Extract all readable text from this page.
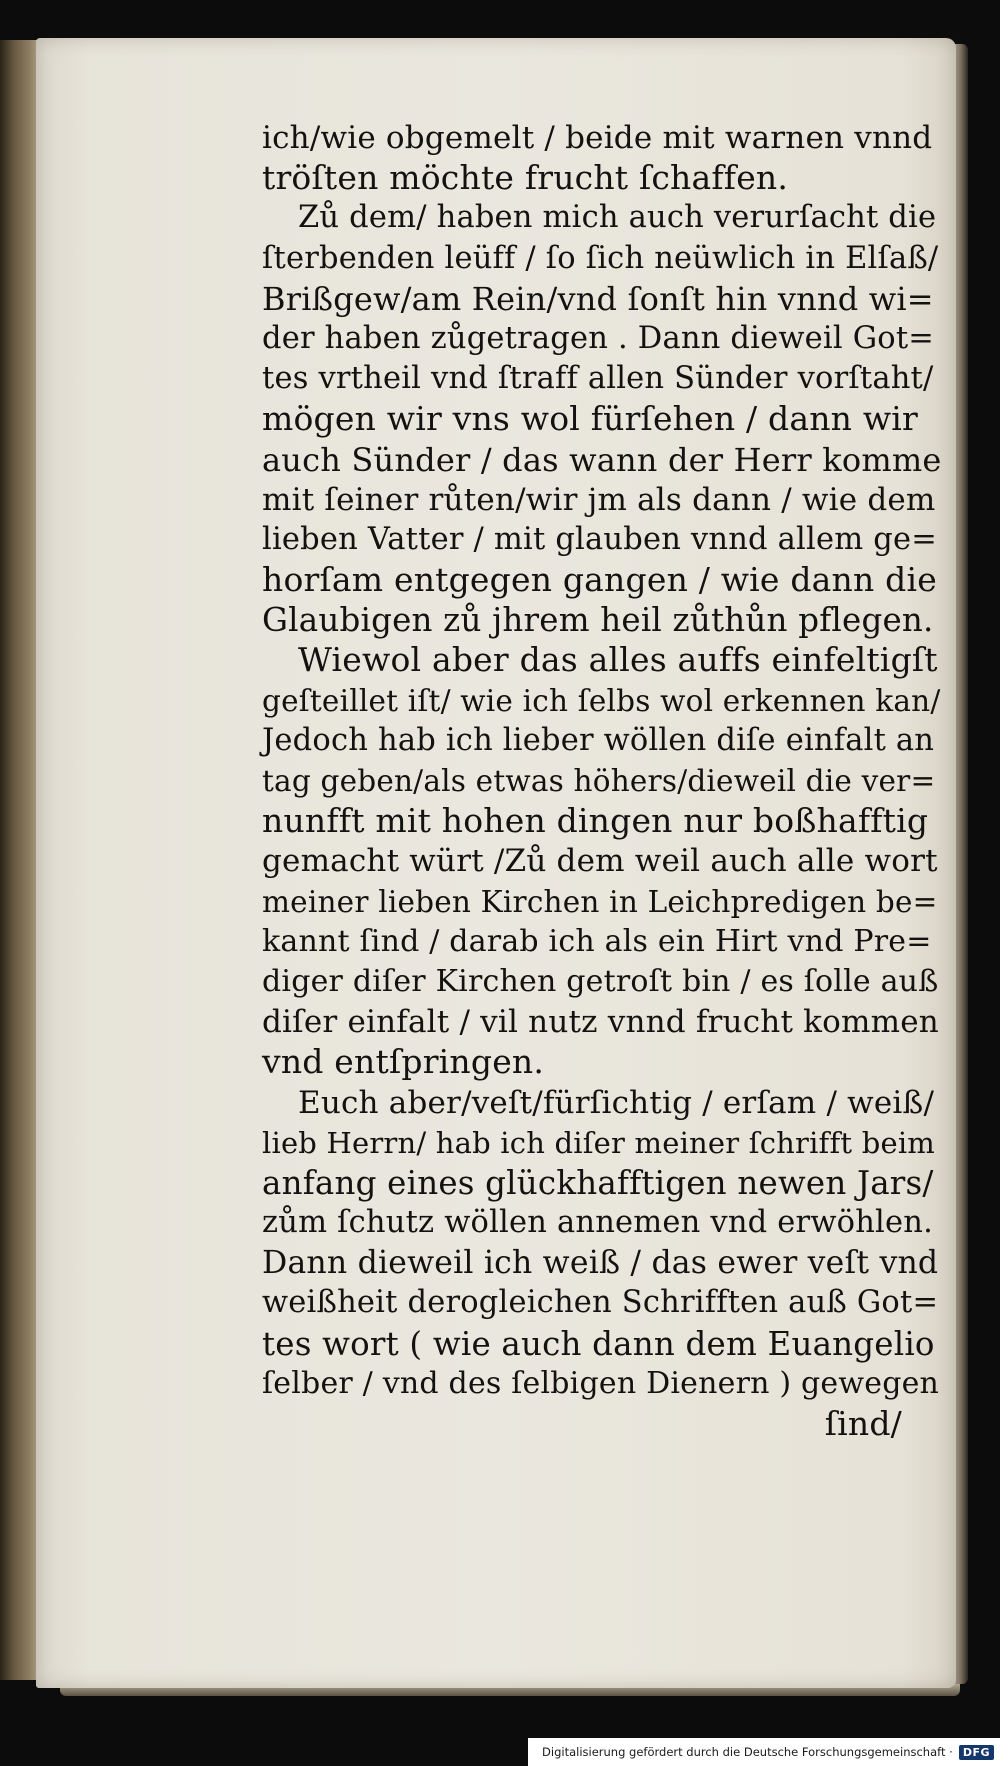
ich/wie obgemelt / beide mit warnen vnnd
tröſten möchte frucht ſchaffen.
Zů dem/ haben mich auch verurſacht die
ſterbenden leüff / ſo ſich neüwlich in Elſaß/
Brißgew/am Rein/vnd ſonſt hin vnnd wi=
der haben zůgetragen . Dann dieweil Got=
tes vrtheil vnd ſtraff allen Sünder vorſtaht/
mögen wir vns wol fürſehen / dann wir
auch Sünder / das wann der Herr komme
mit ſeiner růten/wir jm als dann / wie dem
lieben Vatter / mit glauben vnnd allem ge=
horſam entgegen gangen / wie dann die
Glaubigen zů jhrem heil zůthůn pflegen.
Wiewol aber das alles auffs einfeltigſt
geſteillet iſt/ wie ich ſelbs wol erkennen kan/
Jedoch hab ich lieber wöllen diſe einfalt an
tag geben/als etwas höhers/dieweil die ver=
nunfft mit hohen dingen nur boßhafftig
gemacht würt /Zů dem weil auch alle wort
meiner lieben Kirchen in Leichpredigen be=
kannt ſind / darab ich als ein Hirt vnd Pre=
diger diſer Kirchen getroſt bin / es ſolle auß
diſer einfalt / vil nutz vnnd frucht kommen
vnd entſpringen.
Euch aber/veſt/fürſichtig / erſam / weiß/
lieb Herrn/ hab ich diſer meiner ſchrifft beim
anfang eines glückhafftigen newen Jars/
zům ſchutz wöllen annemen vnd erwöhlen.
Dann dieweil ich weiß / das ewer veſt vnd
weißheit derogleichen Schrifften auß Got=
tes wort ( wie auch dann dem Euangelio
ſelber / vnd des ſelbigen Dienern ) gewegen
ſind/
Digitalisierung gefördert durch die Deutsche Forschungsgemeinschaft · DFG
